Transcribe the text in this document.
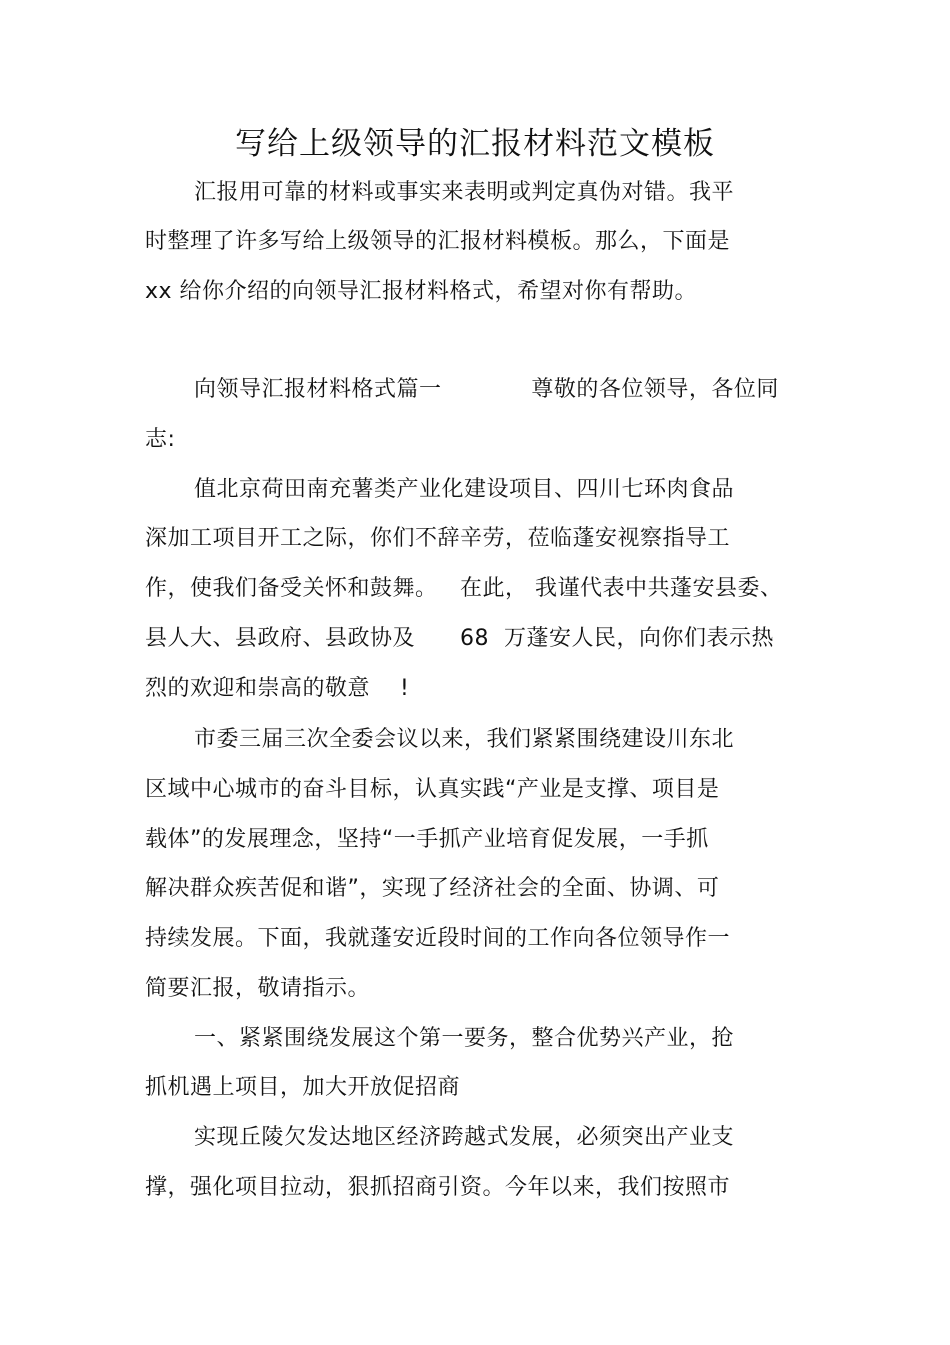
写给上级领导的汇报材料范文模板
汇报用可靠的材料或事实来表明或判定真伪对错。我平
时整理了许多写给上级领导的汇报材料模板。那么，下面是
xx 给你介绍的向领导汇报材料格式，希望对你有帮助。
向领导汇报材料格式篇一            尊敬的各位领导，各位同
志:
值北京荷田南充薯类产业化建设项目、四川七环肉食品
深加工项目开工之际，你们不辞辛劳，莅临蓬安视察指导工
作，使我们备受关怀和鼓舞。   在此， 我谨代表中共蓬安县委、
县人大、县政府、县政协及      68  万蓬安人民，向你们表示热
烈的欢迎和崇高的敬意    !
市委三届三次全委会议以来，我们紧紧围绕建设川东北
区域中心城市的奋斗目标，认真实践“产业是支撑、项目是
载体”的发展理念，坚持“一手抓产业培育促发展，一手抓
解决群众疾苦促和谐”，实现了经济社会的全面、协调、可
持续发展。下面，我就蓬安近段时间的工作向各位领导作一
简要汇报，敬请指示。
一、紧紧围绕发展这个第一要务，整合优势兴产业，抢
抓机遇上项目，加大开放促招商
实现丘陵欠发达地区经济跨越式发展，必须突出产业支
撑，强化项目拉动，狠抓招商引资。今年以来，我们按照市
